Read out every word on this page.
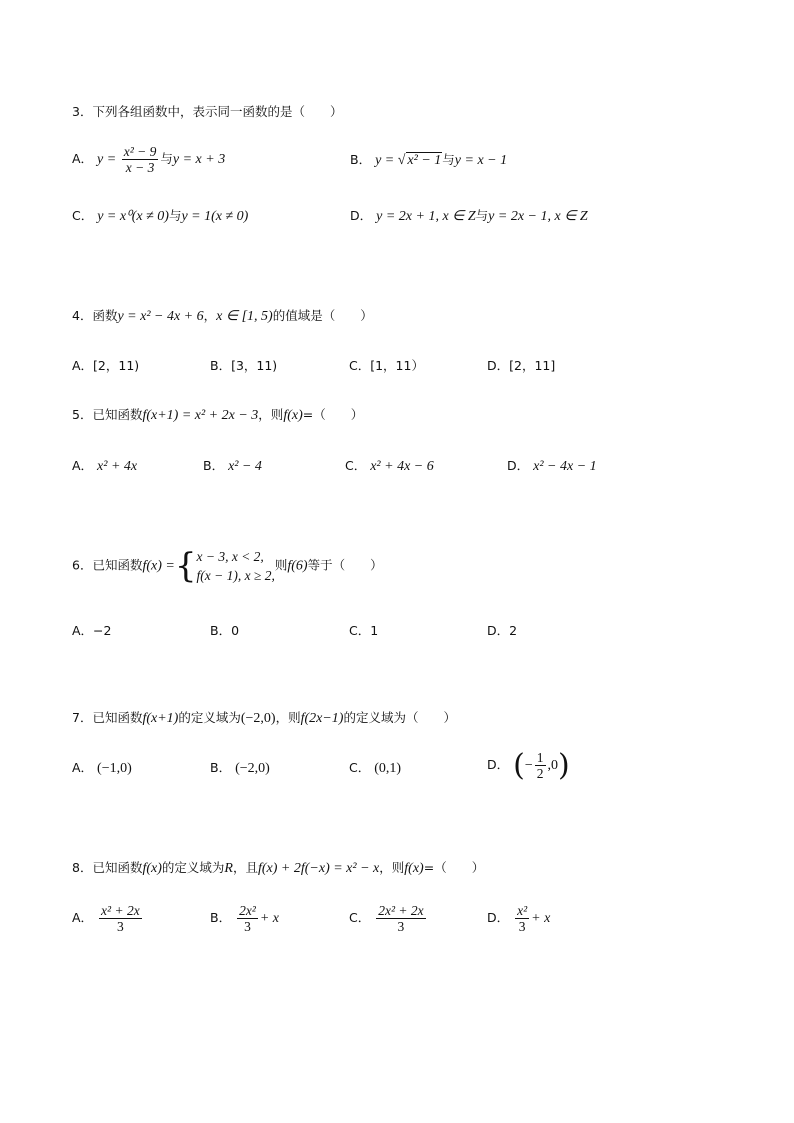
3．下列各组函数中，表示同一函数的是（　　）
A． $y = \frac{\text{x² − 9}}{x - 3}$ 与y = x + 3	B． y = √ x² − 1与y = x − 1
C． y = x⁰(x ≠ 0)与y = 1(x ≠ 0)	D． y = 2x + 1, x ∈ Z与y = 2x − 1, x ∈ Z
4．函数y = x² − 4x + 6，x ∈ [1, 5)的值域是（　　）
A．[2，11)	B．[3，11)	C．[1，11）	D．[2，11]
5．已知函数f(x+1) = x² + 2x − 3，则f(x)=（　　）
A． x² + 4x	B． x² − 4	C． x² + 4x − 6	D． x² − 4x − 1
6．已知函数f(x) ={x − 3, x < 2,
f(x − 1), x ≥ 2,则f(6)等于（　　）
A．−2	B．0	C．1	D．2
7．已知函数f(x+1)的定义域为(−2,0)，则f(2x−1)的定义域为（　　）
A． (−1,0)	B． (−2,0)	C． (0,1)	D． (− $\frac{1}{2} ,0$)
8．已知函数f(x)的定义域为R，且f(x) + 2f(−x) = x² − x，则f(x)=（　　）
A． $\frac{\text{x² + 2x}}{3}$	B． $\frac{\text{2x²}}{3} + x$	C． $\frac{\text{2x² + 2x}}{3}$	D． $\frac{\text{x²}}{3} + x$
